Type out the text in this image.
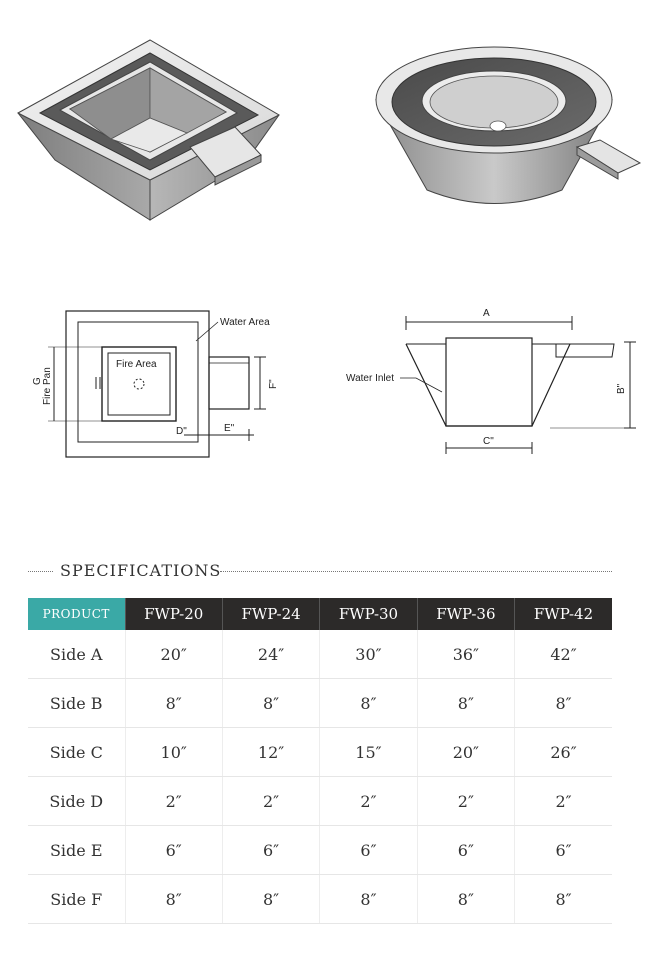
Water Area
Fire Area
G Fire Pan	F"
D"	E"
A
B"
C"
Water Inlet
SPECIFICATIONS
PRODUCT	FWP-20	FWP-24	FWP-30	FWP-36	FWP-42
Side A	20″	24″	30″	36″	42″
Side B	8″	8″	8″	8″	8″
Side C	10″	12″	15″	20″	26″
Side D	2″	2″	2″	2″	2″
Side E	6″	6″	6″	6″	6″
Side F	8″	8″	8″	8″	8″
